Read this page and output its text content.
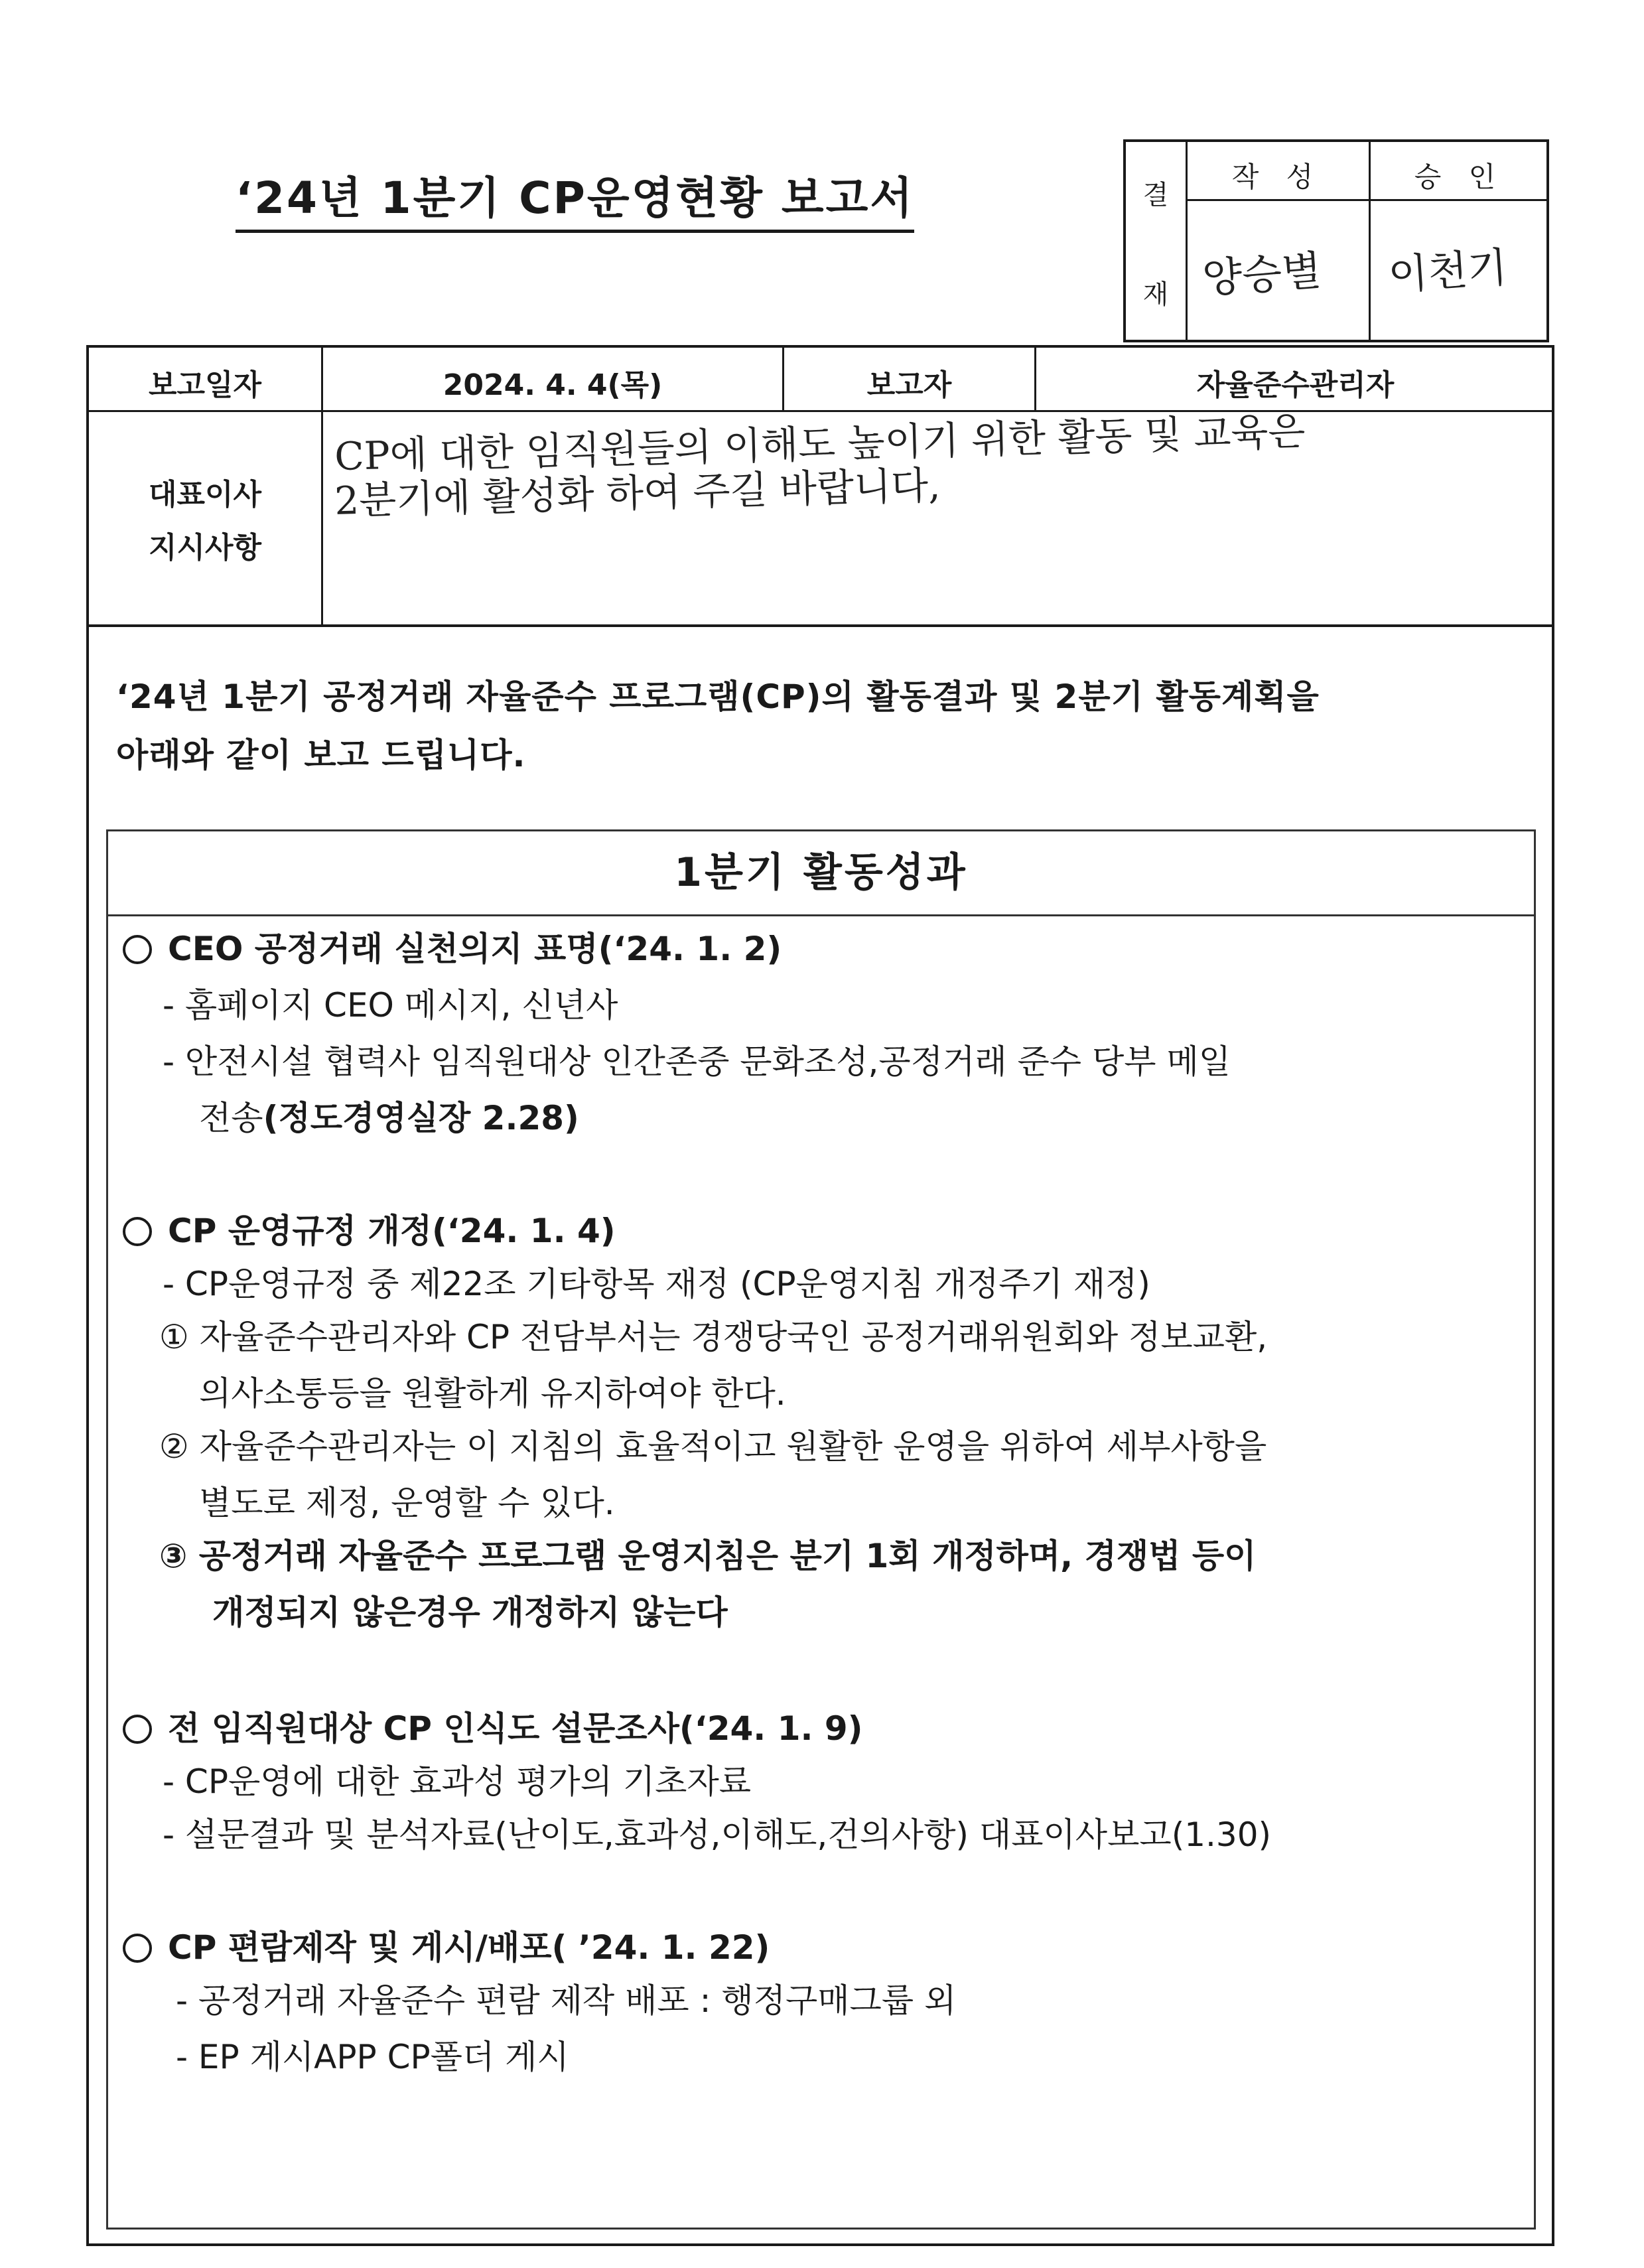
‘24년 1분기 CP운영현황 보고서	결
재
작 성	승 인
양승별 이천기
보고일자	2024. 4. 4(목)	보고자	자율준수관리자
대표이사
지시사항
CP에 대한 임직원들의 이해도 높이기 위한 활동 및 교육은
2분기에 활성화 하여 주길 바랍니다,
‘24년 1분기 공정거래 자율준수 프로그램(CP)의 활동결과 및 2분기 활동계획을
아래와 같이 보고 드립니다.
1분기 활동성과
CEO 공정거래 실천의지 표명(‘24. 1. 2)
- 홈페이지 CEO 메시지, 신년사
- 안전시설 협력사 임직원대상 인간존중 문화조성,공정거래 준수 당부 메일
전송(정도경영실장 2.28)
CP 운영규정 개정(‘24. 1. 4)
- CP운영규정 중 제22조 기타항목 재정 (CP운영지침 개정주기 재정)
① 자율준수관리자와 CP 전담부서는 경쟁당국인 공정거래위원회와 정보교환,
의사소통등을 원활하게 유지하여야 한다.
② 자율준수관리자는 이 지침의 효율적이고 원활한 운영을 위하여 세부사항을
별도로 제정, 운영할 수 있다.
③ 공정거래 자율준수 프로그램 운영지침은 분기 1회 개정하며, 경쟁법 등이
개정되지 않은경우 개정하지 않는다
전 임직원대상 CP 인식도 설문조사(‘24. 1. 9)
- CP운영에 대한 효과성 평가의 기초자료
- 설문결과 및 분석자료(난이도,효과성,이해도,건의사항) 대표이사보고(1.30)
CP 편람제작 및 게시/배포( ’24. 1. 22)
- 공정거래 자율준수 편람 제작 배포 : 행정구매그룹 외
- EP 게시APP CP폴더 게시
